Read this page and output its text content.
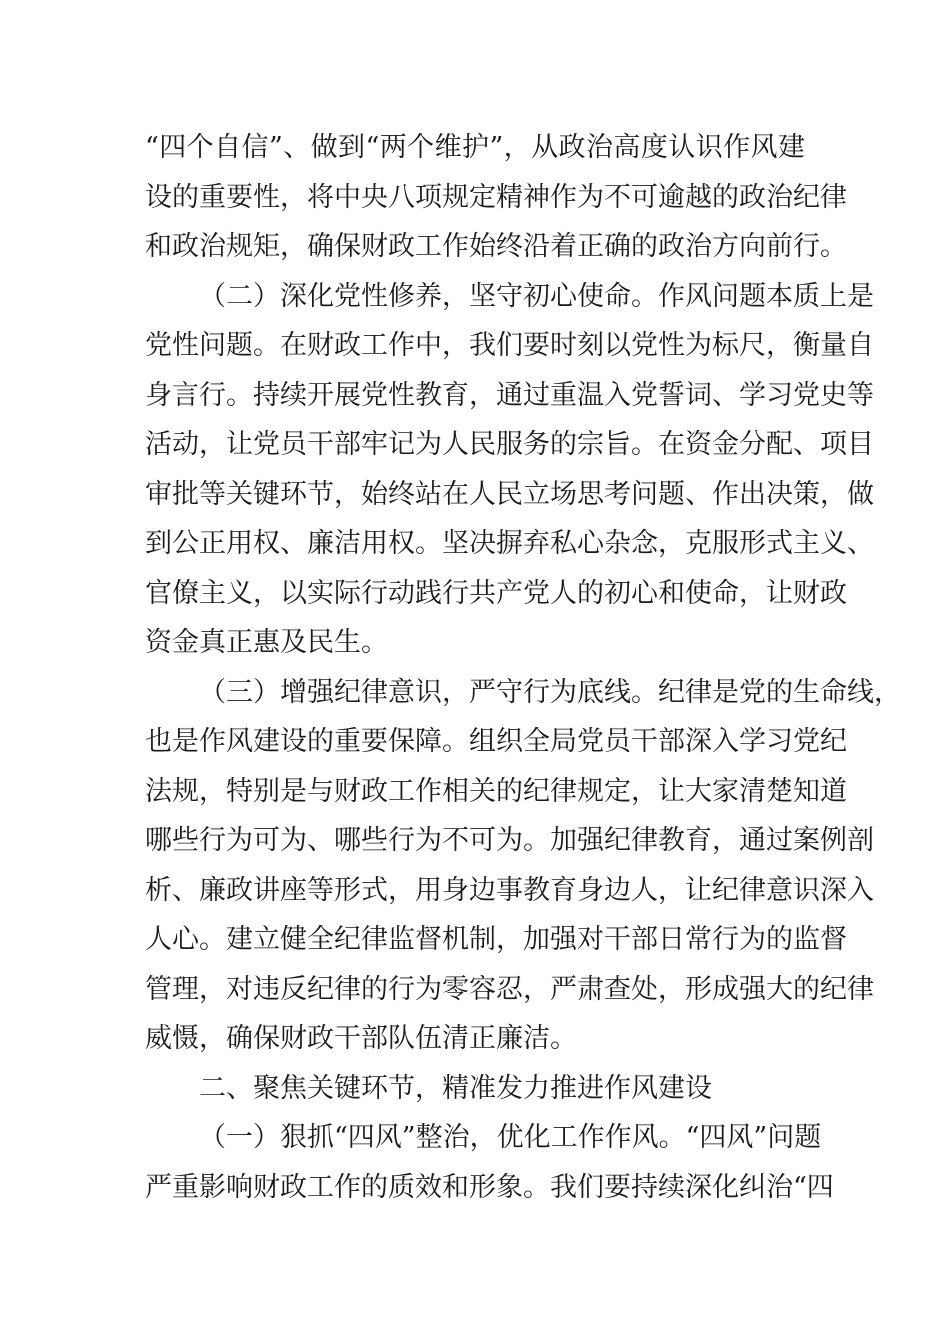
“四个自信”、做到“两个维护”，从政治高度认识作风建
设的重要性，将中央八项规定精神作为不可逾越的政治纪律
和政治规矩，确保财政工作始终沿着正确的政治方向前行。
（二）深化党性修养，坚守初心使命。作风问题本质上是
党性问题。在财政工作中，我们要时刻以党性为标尺，衡量自
身言行。持续开展党性教育，通过重温入党誓词、学习党史等
活动，让党员干部牢记为人民服务的宗旨。在资金分配、项目
审批等关键环节，始终站在人民立场思考问题、作出决策，做
到公正用权、廉洁用权。坚决摒弃私心杂念，克服形式主义、
官僚主义，以实际行动践行共产党人的初心和使命，让财政
资金真正惠及民生。
（三）增强纪律意识，严守行为底线。纪律是党的生命线，
也是作风建设的重要保障。组织全局党员干部深入学习党纪
法规，特别是与财政工作相关的纪律规定，让大家清楚知道
哪些行为可为、哪些行为不可为。加强纪律教育，通过案例剖
析、廉政讲座等形式，用身边事教育身边人，让纪律意识深入
人心。建立健全纪律监督机制，加强对干部日常行为的监督
管理，对违反纪律的行为零容忍，严肃查处，形成强大的纪律
威慑，确保财政干部队伍清正廉洁。
二、聚焦关键环节，精准发力推进作风建设
（一）狠抓“四风”整治，优化工作作风。“四风”问题
严重影响财政工作的质效和形象。我们要持续深化纠治“四
